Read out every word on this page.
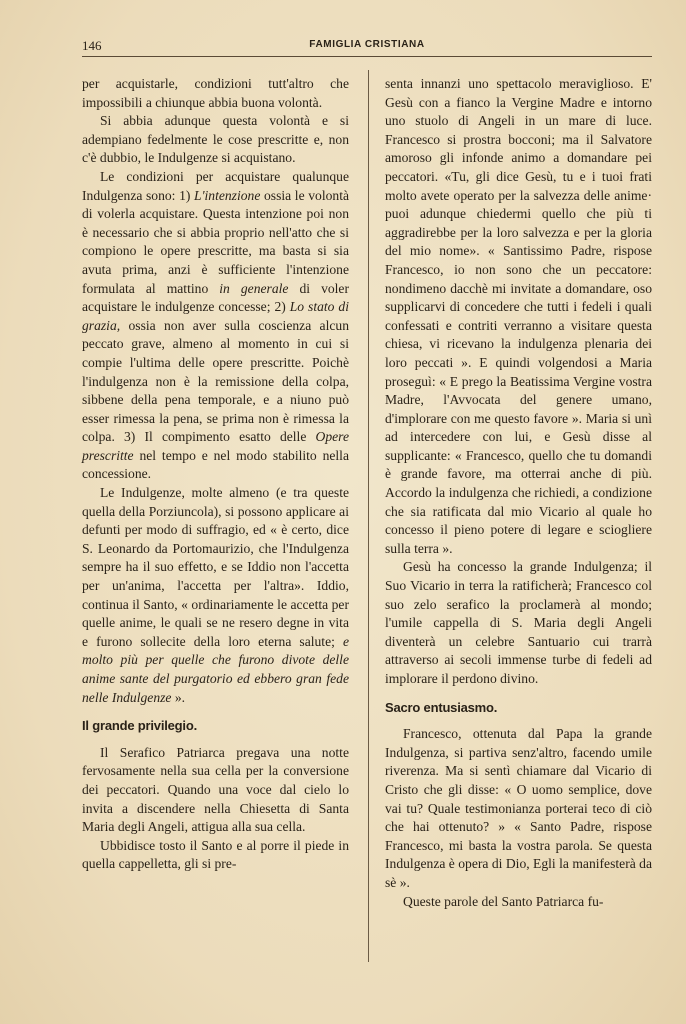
146	FAMIGLIA CRISTIANA

per acquistarle, condizioni tutt'altro che impossibili a chiunque abbia buona volontà.

Si abbia adunque questa volontà e si adempiano fedelmente le cose prescritte e, non c'è dubbio, le Indulgenze si acquistano.

Le condizioni per acquistare qualunque Indulgenza sono: 1) L'intenzione ossia le volontà di volerla acquistare. Questa intenzione poi non è necessario che si abbia proprio nell'atto che si compiono le opere prescritte, ma basta si sia avuta prima, anzi è sufficiente l'intenzione formulata al mattino in generale di voler acquistare le indulgenze concesse; 2) Lo stato di grazia, ossia non aver sulla coscienza alcun peccato grave, almeno al momento in cui si compie l'ultima delle opere prescritte. Poichè l'indulgenza non è la remissione della colpa, sibbene della pena temporale, e a niuno può esser rimessa la pena, se prima non è rimessa la colpa. 3) Il compimento esatto delle Opere prescritte nel tempo e nel modo stabilito nella concessione.

Le Indulgenze, molte almeno (e tra queste quella della Porziuncola), si possono applicare ai defunti per modo di suffragio, ed « è certo, dice S. Leonardo da Portomaurizio, che l'Indulgenza sempre ha il suo effetto, e se Iddio non l'accetta per un'anima, l'accetta per l'altra». Iddio, continua il Santo, « ordinariamente le accetta per quelle anime, le quali se ne resero degne in vita e furono sollecite della loro eterna salute; e molto più per quelle che furono divote delle anime sante del purgatorio ed ebbero gran fede nelle Indulgenze ».

Il grande privilegio.

Il Serafico Patriarca pregava una notte fervosamente nella sua cella per la conversione dei peccatori. Quando una voce dal cielo lo invita a discendere nella Chiesetta di Santa Maria degli Angeli, attigua alla sua cella.

Ubbidisce tosto il Santo e al porre il piede in quella cappelletta, gli si pre-

senta innanzi uno spettacolo meraviglioso. E' Gesù con a fianco la Vergine Madre e intorno uno stuolo di Angeli in un mare di luce. Francesco si prostra bocconi; ma il Salvatore amoroso gli infonde animo a domandare pei peccatori. «Tu, gli dice Gesù, tu e i tuoi frati molto avete operato per la salvezza delle anime· puoi adunque chiedermi quello che più ti aggradirebbe per la loro salvezza e per la gloria del mio nome». « Santissimo Padre, rispose Francesco, io non sono che un peccatore: nondimeno dacchè mi invitate a domandare, oso supplicarvi di concedere che tutti i fedeli i quali confessati e contriti verranno a visitare questa chiesa, vi ricevano la indulgenza plenaria dei loro peccati ». E quindi volgendosi a Maria proseguì: « E prego la Beatissima Vergine vostra Madre, l'Avvocata del genere umano, d'implorare con me questo favore ». Maria si unì ad intercedere con lui, e Gesù disse al supplicante: « Francesco, quello che tu domandi è grande favore, ma otterrai anche di più. Accordo la indulgenza che richiedi, a condizione che sia ratificata dal mio Vicario al quale ho concesso il pieno potere di legare e sciogliere sulla terra ».

Gesù ha concesso la grande Indulgenza; il Suo Vicario in terra la ratificherà; Francesco col suo zelo serafico la proclamerà al mondo; l'umile cappella di S. Maria degli Angeli diventerà un celebre Santuario cui trarrà attraverso ai secoli immense turbe di fedeli ad implorare il perdono divino.

Sacro entusiasmo.

Francesco, ottenuta dal Papa la grande Indulgenza, si partiva senz'altro, facendo umile riverenza. Ma si sentì chiamare dal Vicario di Cristo che gli disse: « O uomo semplice, dove vai tu? Quale testimonianza porterai teco di ciò che hai ottenuto? » « Santo Padre, rispose Francesco, mi basta la vostra parola. Se questa Indulgenza è opera di Dio, Egli la manifesterà da sè ».

Queste parole del Santo Patriarca fu-
